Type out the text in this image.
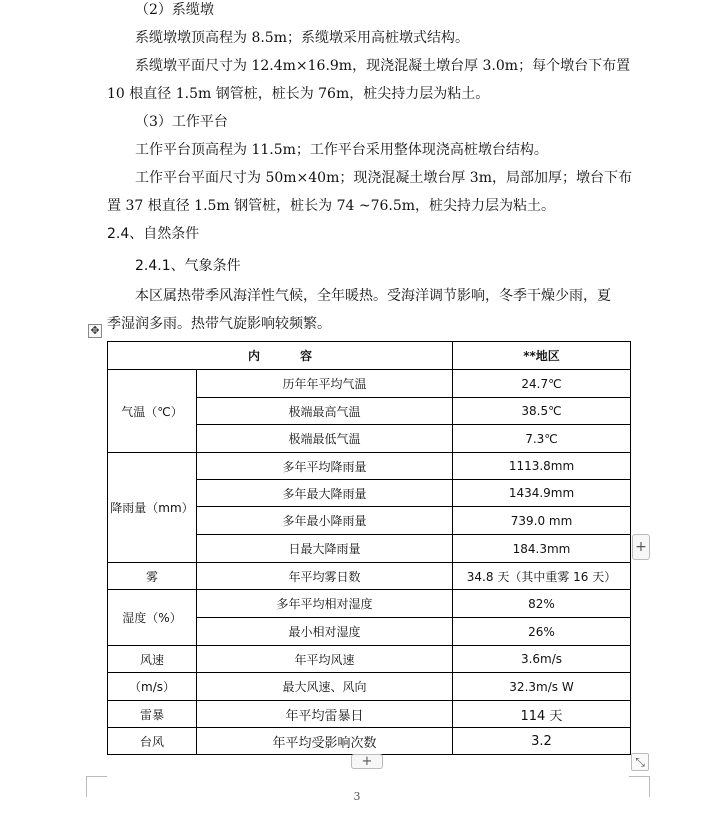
（2）系缆墩
系缆墩墩顶高程为 8.5m；系缆墩采用高桩墩式结构。
系缆墩平面尺寸为 12.4m×16.9m，现浇混凝土墩台厚 3.0m；每个墩台下布置
10 根直径 1.5m 钢管桩，桩长为 76m，桩尖持力层为粘土。
（3）工作平台
工作平台顶高程为 11.5m；工作平台采用整体现浇高桩墩台结构。
工作平台平面尺寸为 50m×40m；现浇混凝土墩台厚 3m，局部加厚；墩台下布
置 37 根直径 1.5m 钢管桩，桩长为 74 ~76.5m，桩尖持力层为粘土。
2.4、自然条件
2.4.1、气象条件
本区属热带季风海洋性气候，全年暖热。受海洋调节影响，冬季干燥少雨，夏
季湿润多雨。热带气旋影响较频繁。
✥
内 容		**地区
气温（℃）	历年年平均气温	24.7℃
	极端最高气温	38.5℃
	极端最低气温	7.3℃
降雨量（mm）	多年平均降雨量	1113.8mm
	多年最大降雨量	1434.9mm
	多年最小降雨量	739.0 mm
	日最大降雨量	184.3mm
雾	年平均雾日数	34.8 天（其中重雾 16 天）
湿度（%）	多年平均相对湿度	82%
	最小相对湿度	26%
风速	年平均风速	3.6m/s
（m/s）	最大风速、风向	32.3m/s W
雷暴	年平均雷暴日	114 天
台风	年平均受影响次数	3.2
+
+	⤡
3
